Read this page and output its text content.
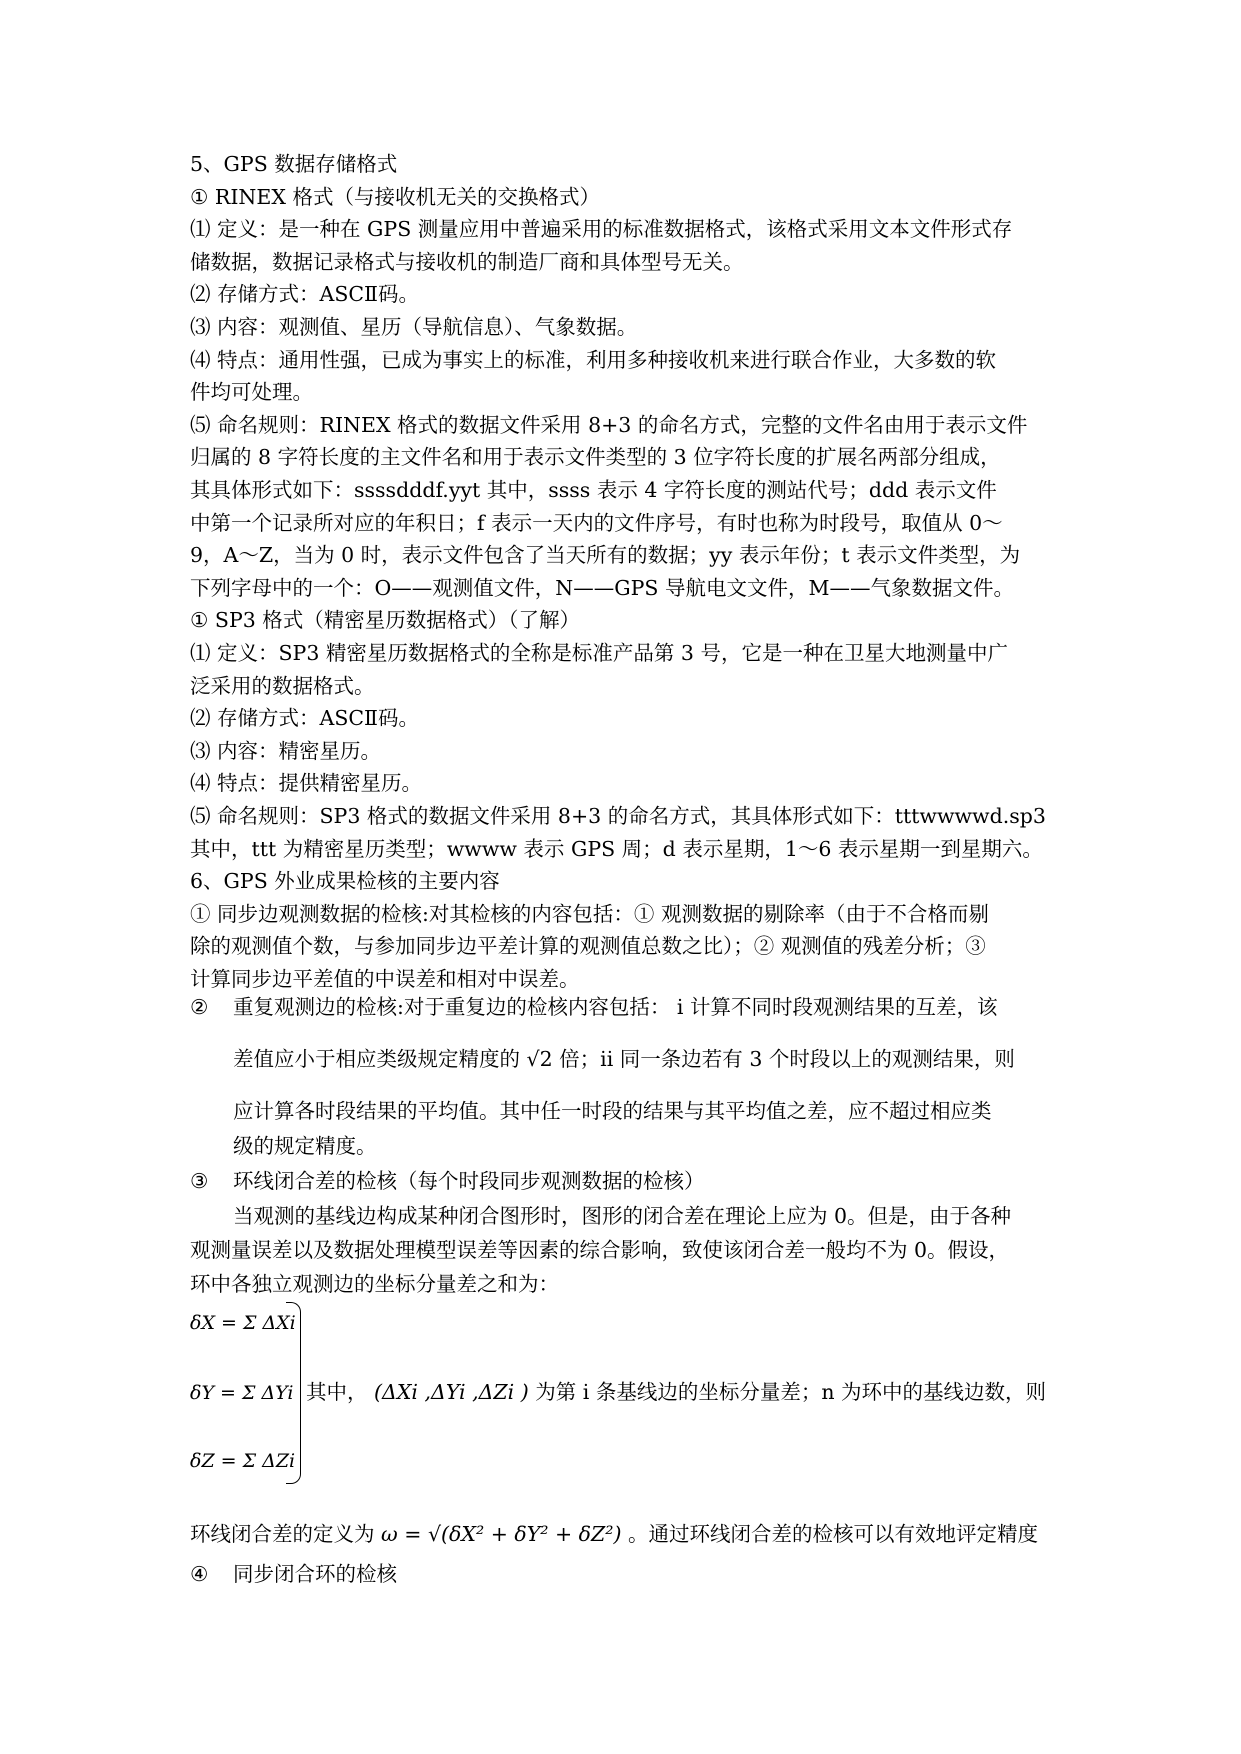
5、GPS 数据存储格式
① RINEX 格式（与接收机无关的交换格式）
⑴ 定义：是一种在 GPS 测量应用中普遍采用的标准数据格式，该格式采用文本文件形式存
储数据，数据记录格式与接收机的制造厂商和具体型号无关。
⑵ 存储方式：ASCⅡ码。
⑶ 内容：观测值、星历（导航信息）、气象数据。
⑷ 特点：通用性强，已成为事实上的标准，利用多种接收机来进行联合作业，大多数的软
件均可处理。
⑸ 命名规则：RINEX 格式的数据文件采用 8+3 的命名方式，完整的文件名由用于表示文件
归属的 8 字符长度的主文件名和用于表示文件类型的 3 位字符长度的扩展名两部分组成，
其具体形式如下：ssssdddf.yyt 其中，ssss 表示 4 字符长度的测站代号；ddd 表示文件
中第一个记录所对应的年积日；f 表示一天内的文件序号，有时也称为时段号，取值从 0～
9，A～Z，当为 0 时，表示文件包含了当天所有的数据；yy 表示年份；t 表示文件类型，为
下列字母中的一个：O——观测值文件，N——GPS 导航电文文件，M——气象数据文件。
① SP3 格式（精密星历数据格式）（了解）
⑴ 定义：SP3 精密星历数据格式的全称是标准产品第 3 号，它是一种在卫星大地测量中广
泛采用的数据格式。
⑵ 存储方式：ASCⅡ码。
⑶ 内容：精密星历。
⑷ 特点：提供精密星历。
⑸ 命名规则：SP3 格式的数据文件采用 8+3 的命名方式，其具体形式如下：tttwwwwd.sp3
其中，ttt 为精密星历类型；wwww 表示 GPS 周；d 表示星期，1～6 表示星期一到星期六。
6、GPS 外业成果检核的主要内容
① 同步边观测数据的检核:对其检核的内容包括：① 观测数据的剔除率（由于不合格而剔
除的观测值个数，与参加同步边平差计算的观测值总数之比）；② 观测值的残差分析；③
计算同步边平差值的中误差和相对中误差。
② 重复观测边的检核:对于重复边的检核内容包括： i 计算不同时段观测结果的互差，该
差值应小于相应类级规定精度的 √2 倍；ii 同一条边若有 3 个时段以上的观测结果，则
应计算各时段结果的平均值。其中任一时段的结果与其平均值之差，应不超过相应类
级的规定精度。
③ 环线闭合差的检核（每个时段同步观测数据的检核）
当观测的基线边构成某种闭合图形时，图形的闭合差在理论上应为 0。但是，由于各种
观测量误差以及数据处理模型误差等因素的综合影响，致使该闭合差一般均不为 0。假设，
环中各独立观测边的坐标分量差之和为：
δX = Σ ΔXi
δY = Σ ΔYi
δZ = Σ ΔZi
其中， (ΔXi ,ΔYi ,ΔZi ) 为第 i 条基线边的坐标分量差；n 为环中的基线边数，则
环线闭合差的定义为 ω = √(δX² + δY² + δZ²) 。通过环线闭合差的检核可以有效地评定精度
④ 同步闭合环的检核
